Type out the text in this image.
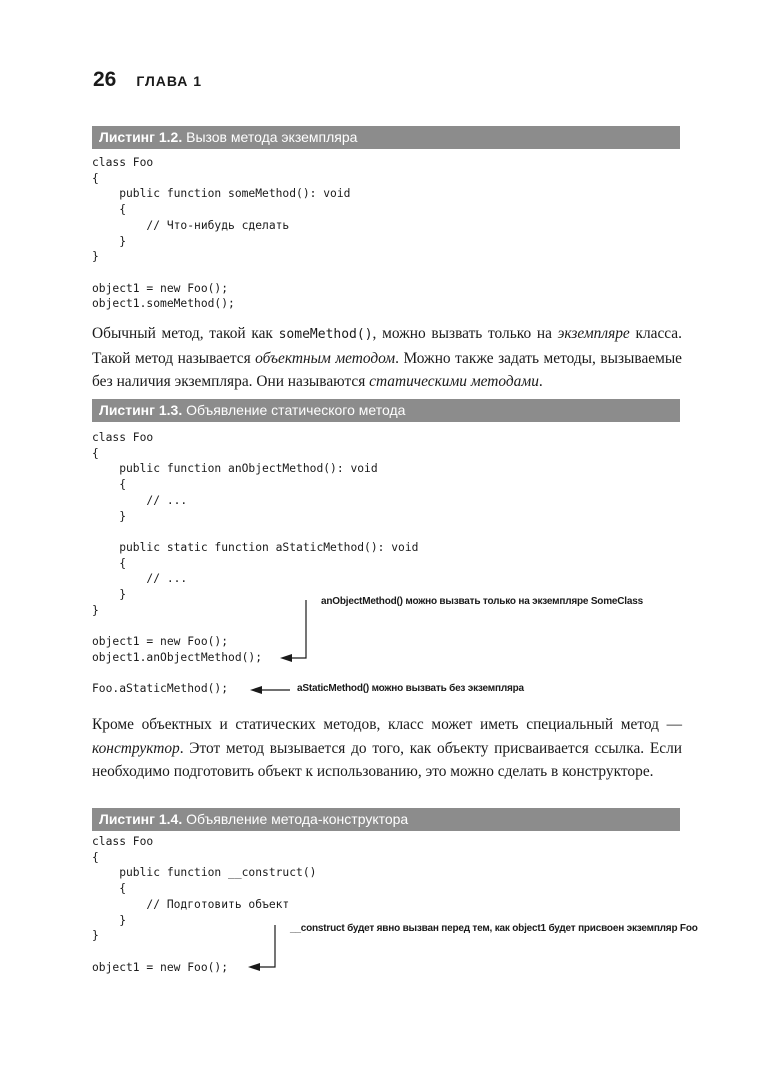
26 ГЛАВА 1
Листинг 1.2. Вызов метода экземпляра
class Foo
{
public function someMethod(): void
{
// Что-нибудь сделать
}
}

object1 = new Foo();
object1.someMethod();

Обычный метод, такой как someMethod(), можно вызвать только на экземпляре класса. Такой метод называется объектным методом. Можно также задать методы, вызываемые без наличия экземпляра. Они называются статическими методами.

Листинг 1.3. Объявление статического метода
class Foo
{
public function anObjectMethod(): void
{
// ...
}

public static function aStaticMethod(): void
{
// ...
}
}

object1 = new Foo();
object1.anObjectMethod();

Foo.aStaticMethod();
anObjectMethod() можно вызвать только на экземпляре SomeClass
aStaticMethod() можно вызвать без экземпляра

Кроме объектных и статических методов, класс может иметь специальный метод — конструктор. Этот метод вызывается до того, как объекту присваивается ссылка. Если необходимо подготовить объект к использованию, это можно сделать в конструкторе.

Листинг 1.4. Объявление метода-конструктора
class Foo
{
public function __construct()
{
// Подготовить объект
}
}

object1 = new Foo();
__construct будет явно вызван перед тем, как object1 будет присвоен экземпляр Foo
